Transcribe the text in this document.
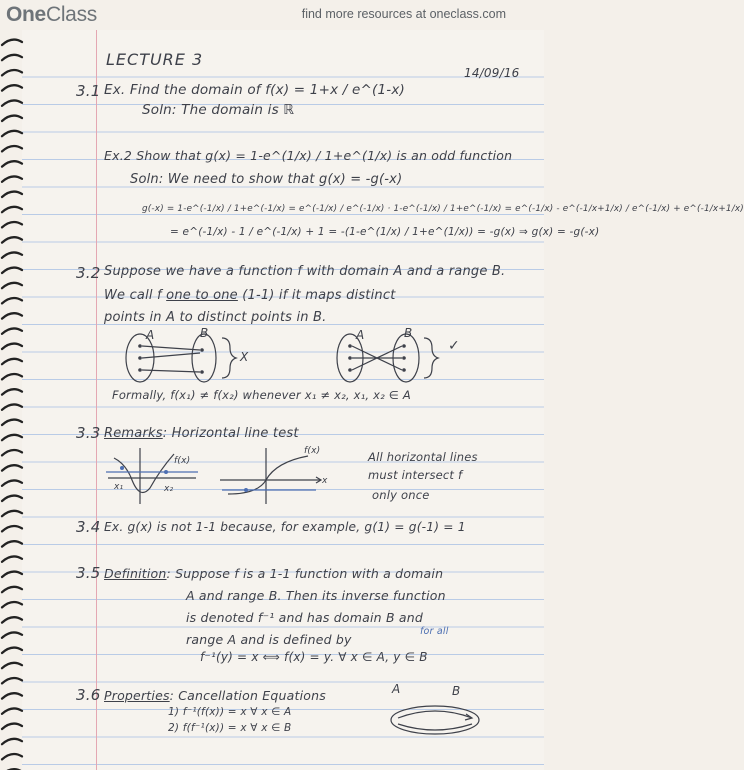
OneClass	find more resources at oneclass.com
LECTURE 3
14/09/16
3.1 Ex. Find the domain of f(x) = 1+x / e^(1-x)
Soln: The domain is ℝ
Ex.2 Show that g(x) = 1-e^(1/x) / 1+e^(1/x) is an odd function
Soln: We need to show that g(x) = -g(-x)
g(-x) = 1-e^(-1/x) / 1+e^(-1/x) = e^(-1/x) / e^(-1/x) · 1-e^(-1/x) / 1+e^(-1/x) = e^(-1/x) - e^(-1/x+1/x) / e^(-1/x) + e^(-1/x+1/x)
= e^(-1/x) - 1 / e^(-1/x) + 1 = -(1-e^(1/x) / 1+e^(1/x)) = -g(x) ⇒ g(x) = -g(-x)
3.2 Suppose we have a function f with domain A and a range B.
We call f one to one (1-1) if it maps distinct
points in A to distinct points in B.
A	B
X
A	B
✓
Formally, f(x₁) ≠ f(x₂) whenever x₁ ≠ x₂, x₁, x₂ ∈ A
3.3 Remarks: Horizontal line test
f(x)
x₁	x₂
f(x)
x
All horizontal lines
must intersect f
only once
3.4 Ex. g(x) is not 1-1 because, for example, g(1) = g(-1) = 1
3.5 Definition: Suppose f is a 1-1 function with a domain
A and range B. Then its inverse function
is denoted f⁻¹ and has domain B and
range A and is defined by
for all
f⁻¹(y) = x ⟺ f(x) = y. ∀ x ∈ A, y ∈ B
3.6 Properties: Cancellation Equations
1) f⁻¹(f(x)) = x ∀ x ∈ A
2) f(f⁻¹(x)) = x ∀ x ∈ B
A	B
